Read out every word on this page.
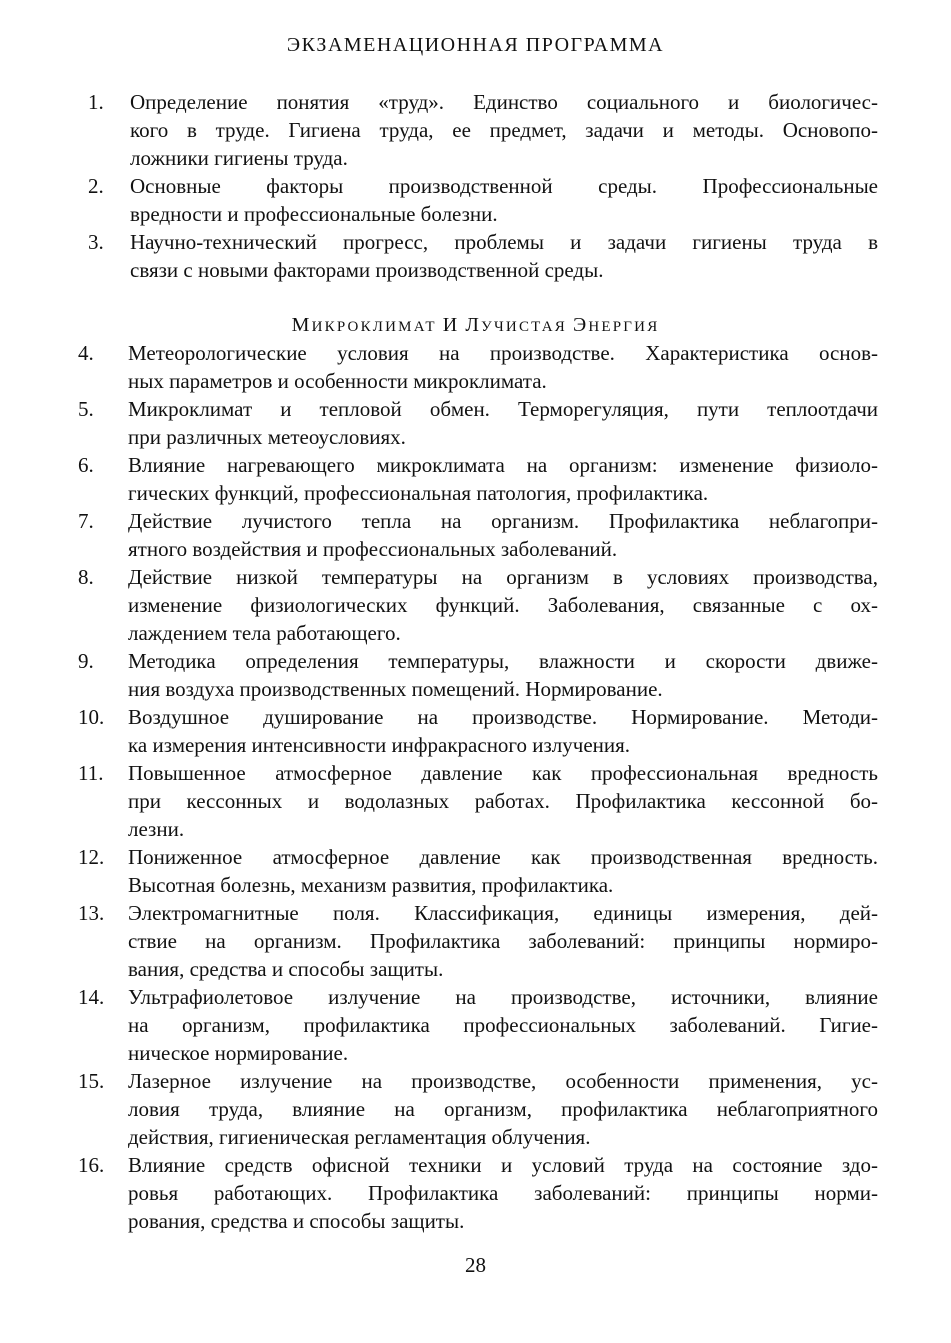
ЭКЗАМЕНАЦИОННАЯ ПРОГРАММА
1.	Определение понятия «труд». Единство социального и биологичес-
кого в труде. Гигиена труда, ее предмет, задачи и методы. Основопо-
ложники гигиены труда.
2.	Основные факторы производственной среды. Профессиональные
вредности и профессиональные болезни.
3.	Научно-технический прогресс, проблемы и задачи гигиены труда в
связи с новыми факторами производственной среды.
МИКРОКЛИМАТ И ЛУЧИСТАЯ ЭНЕРГИЯ
4.	Метеорологические условия на производстве. Характеристика основ-
ных параметров и особенности микроклимата.
5.	Микроклимат и тепловой обмен. Терморегуляция, пути теплоотдачи
при различных метеоусловиях.
6.	Влияние нагревающего микроклимата на организм: изменение физиоло-
гических функций, профессиональная патология, профилактика.
7.	Действие лучистого тепла на организм. Профилактика неблагопри-
ятного воздействия и профессиональных заболеваний.
8.	Действие низкой температуры на организм в условиях производства,
изменение физиологических функций. Заболевания, связанные с ох-
лаждением тела работающего.
9.	Методика определения температуры, влажности и скорости движе-
ния воздуха производственных помещений. Нормирование.
10.	Воздушное душирование на производстве. Нормирование. Методи-
ка измерения интенсивности инфракрасного излучения.
11.	Повышенное атмосферное давление как профессиональная вредность
при кессонных и водолазных работах. Профилактика кессонной бо-
лезни.
12.	Пониженное атмосферное давление как производственная вредность.
Высотная болезнь, механизм развития, профилактика.
13.	Электромагнитные поля. Классификация, единицы измерения, дей-
ствие на организм. Профилактика заболеваний: принципы нормиро-
вания, средства и способы защиты.
14.	Ультрафиолетовое излучение на производстве, источники, влияние
на организм, профилактика профессиональных заболеваний. Гигие-
ническое нормирование.
15.	Лазерное излучение на производстве, особенности применения, ус-
ловия труда, влияние на организм, профилактика неблагоприятного
действия, гигиеническая регламентация облучения.
16.	Влияние средств офисной техники и условий труда на состояние здо-
ровья работающих. Профилактика заболеваний: принципы норми-
рования, средства и способы защиты.
28
